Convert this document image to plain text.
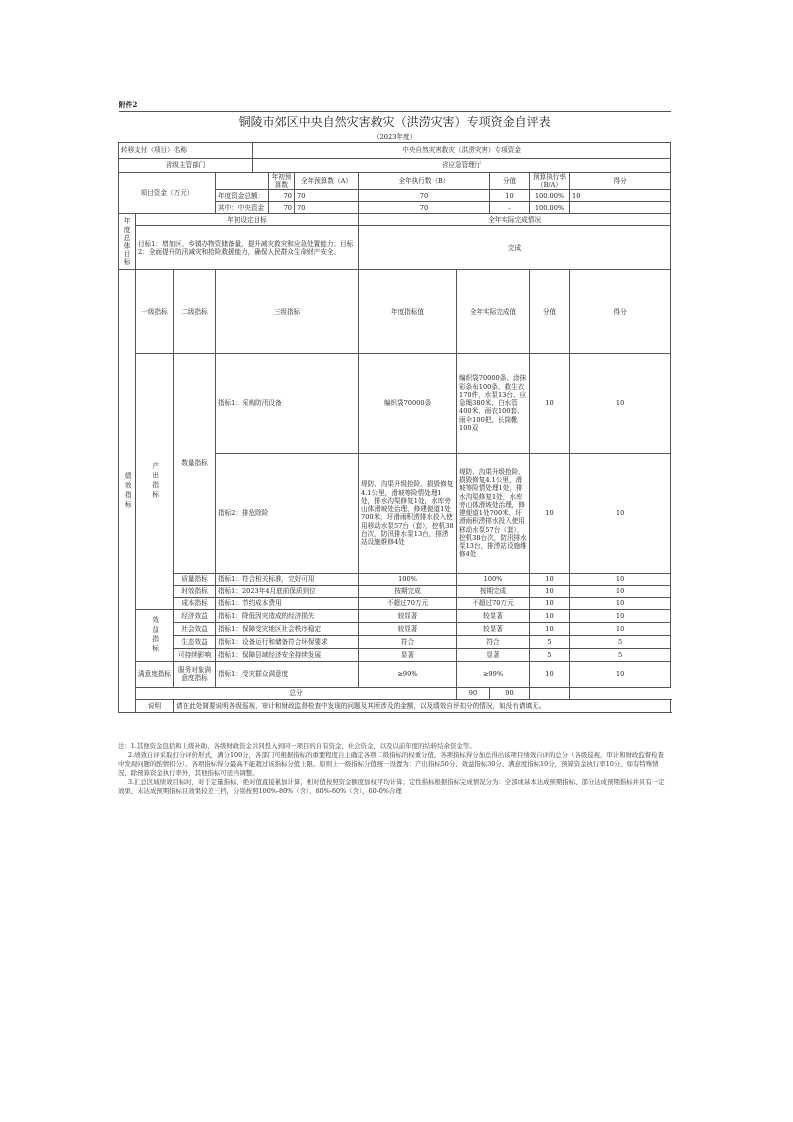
附件2												
铜陵市郊区中央自然灾害救灾（洪涝灾害）专项资金自评表												
（2023年度）												
转移支付（项目）名称				中央自然灾害救灾（洪涝灾害）专项资金								
省级主管部门				省应急管理厅								
项目资金（万元）					年初预算数	全年预算数（A）	全年执行数（B）		分值	预算执行率（B/A）	得分	
			年度资金总额：		70	70	70		10	100.00%	10	
			其中：中央资金		70	70	70		-	100.00%		
年度总体目标	年初设定目标						全年实际完成情况					
	目标1：增加区、乡镇办物资储备量，提升减灾救灾和应急处置能力；目标2：全面提升防汛减灾和抢险救援能力，确保人民群众生命财产安全。						完成					
绩效指标	一级指标	二级指标	三级指标				年度指标值	全年实际完成值		分值	得分	
	产出指标	数量指标	指标1：采购防汛设备				编织袋70000条	编织袋70000条、涂抹彩条布100条、救生衣170件，水泵13台、应急绳380米、白水管400米、雨衣100套、雨伞100把、长筒靴100双		10	10	
			指标2：排危除险				堤防、沟渠升级抢险、损毁修复4.1公里，滑坡等险情处理1处，排水沟渠修复1处，水库旁山体滑坡处治理，修建便道1处700米，圩滑雨积涝排水投入使用移动水泵57台（套），挖机38台次，防汛排水泵13台，排涝站设施维修4处	堤防、沟渠升级抢险、损毁修复4.1公里，滑坡等险情处理1处，排水沟渠修复1处，水库旁山体滑坡处治理，修建便道1处700米，圩滑雨积涝排水投入使用移动水泵57台（套），挖机38台次，防汛排水泵13台，排涝站设施维修4处		10	10	
		质量指标	指标1：符合相关标准，完好可用				100%	100%		10	10	
		时效指标	指标1：2023年4月底前保质到位				按期完成	按期完成		10	10	
		成本指标	指标1：节约成本费用				不超过70万元	不超过70万元		10	10	
	效益指标	经济效益	指标1：降低因灾造成的经济损失				较显著	较显著		10	10	
		社会效益	指标1：保障受灾地区社会秩序稳定				较显著	较显著		10	10	
		生态效益	指标1：设备运行和储备符合环保要求				符合	符合		5	5	
		可持续影响	指标1：保障县域经济安全持续发展				显著	显著		5	5	
	满意度指标	服务对象满意度指标	指标1：受灾群众满意度				≥99%	≥99%		10	10	
	总分							90	90			
	说明	请在此处简要说明各级巡视、审计和财政监督检查中发现的问题及其所涉及的金额，以及绩效自评扣分的情况，如没有请填无。										

注：1.其他资金包括和上级补助、各级财政资金共同投入到同一项目的自有资金、社会资金，以及以前年度的结转结余资金等。

2.绩效自评采取打分评价形式，满分100分，各部门可根据指标的重要程度自主确定各项二级指标的权重分值，各项指标得分加总得出该项目绩效自评的总分（各级巡视、审计和财政监督检查中发现问题的酌情扣分）。各项指标得分最高不能超过该指标分值上限。原则上一级指标分值统一设置为：产出指标50分、效益指标30分、满意度指标10分，预算资金执行率10分。如有特殊情况，除预算资金执行率外，其他指标可适当调整。

3.汇总区域绩效目标时，对于定量指标，绝对值直接累加计算，相对值按照资金额度加权平均计算；定性指标根据指标完成情况分为：全部或基本达成预期指标、部分达成预期指标并具有一定效果、未达成预期指标且效果较差三档，分别按照100%-80%（含）、80%-60%（含）、60-0%合理
